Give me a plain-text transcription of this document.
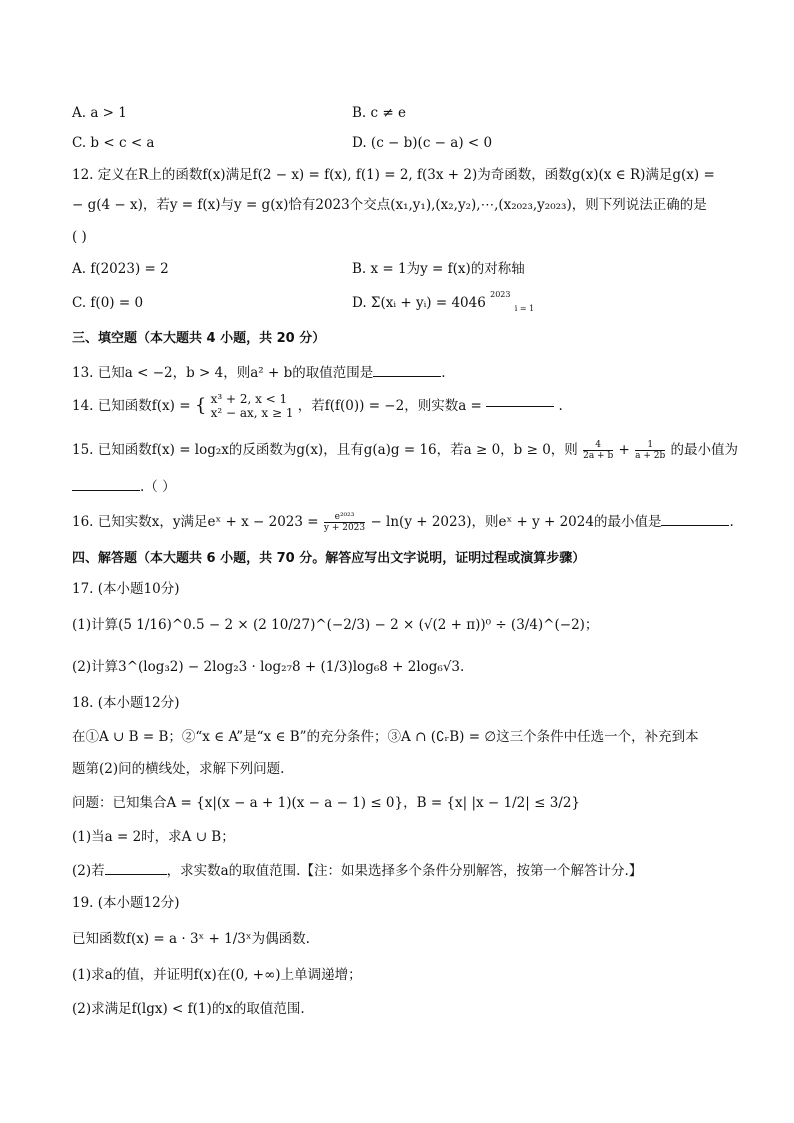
A. a > 1	B. c ≠ e
C. b < c < a	D. (c − b)(c − a) < 0
12. 定义在R上的函数f(x)满足f(2 − x) = f(x), f(1) = 2, f(3x + 2)为奇函数，函数g(x)(x ∈ R)满足g(x) =
− g(4 − x)，若y = f(x)与y = g(x)恰有2023个交点(x₁,y₁),(x₂,y₂),⋯,(x₂₀₂₃,y₂₀₂₃)，则下列说法正确的是
( )
A. f(2023) = 2	B. x = 1为y = f(x)的对称轴
C. f(0) = 0	D. Σ(xᵢ + yᵢ) = 4046 $^{2023}$ $_{i = 1}$
三、填空题（本大题共 4 小题，共 20 分）
13. 已知a < −2，b > 4，则a² + b的取值范围是	.
14. 已知函数f(x) = { x³ + 2, x < 1
x² − ax, x ≥ 1 ，若f(f(0)) = −2，则实数a =	.
15. 已知函数f(x) = log₂x的反函数为g(x)，且有g(a)g = 16，若a ≥ 0，b ≥ 0，则 $\frac{4}{2a + b} + \frac{1}{a + 2b}$ 的最小值为
.（ ）
16. 已知实数x，y满足eˣ + $x - 2023 = \frac{\text{e²⁰²³}}{y + 2023} - \ln(y + 2023)$，则eˣ + y + 2024的最小值是	.
四、解答题（本大题共 6 小题，共 70 分。解答应写出文字说明，证明过程或演算步骤）
17. (本小题10分)
(1)计算(5 1/16)^0.5 − 2 × (2 10/27)^(−2/3) − 2 × (√(2 + π))⁰ ÷ (3/4)^(−2)；
(2)计算3^(log₃2) − 2log₂3 · log₂₇8 + (1/3)log₆8 + 2log₆√3.
18. (本小题12分)
在①A ∪ B = B；②“x ∈ A”是“x ∈ B”的充分条件；③A ∩ (∁ᵣB) = ∅这三个条件中任选一个，补充到本
题第(2)问的横线处，求解下列问题.
问题：已知集合A = {x|(x − a + 1)(x − a − 1) ≤ 0}，B = {x| |x − 1/2| ≤ 3/2}
(1)当a = 2时，求A ∪ B；
(2)若	，求实数a的取值范围.【注：如果选择多个条件分别解答，按第一个解答计分.】
19. (本小题12分)
已知函数f(x) = a · 3ˣ + 1/3ˣ为偶函数.
(1)求a的值，并证明f(x)在(0, +∞)上单调递增；
(2)求满足f(lgx) < f(1)的x的取值范围.
